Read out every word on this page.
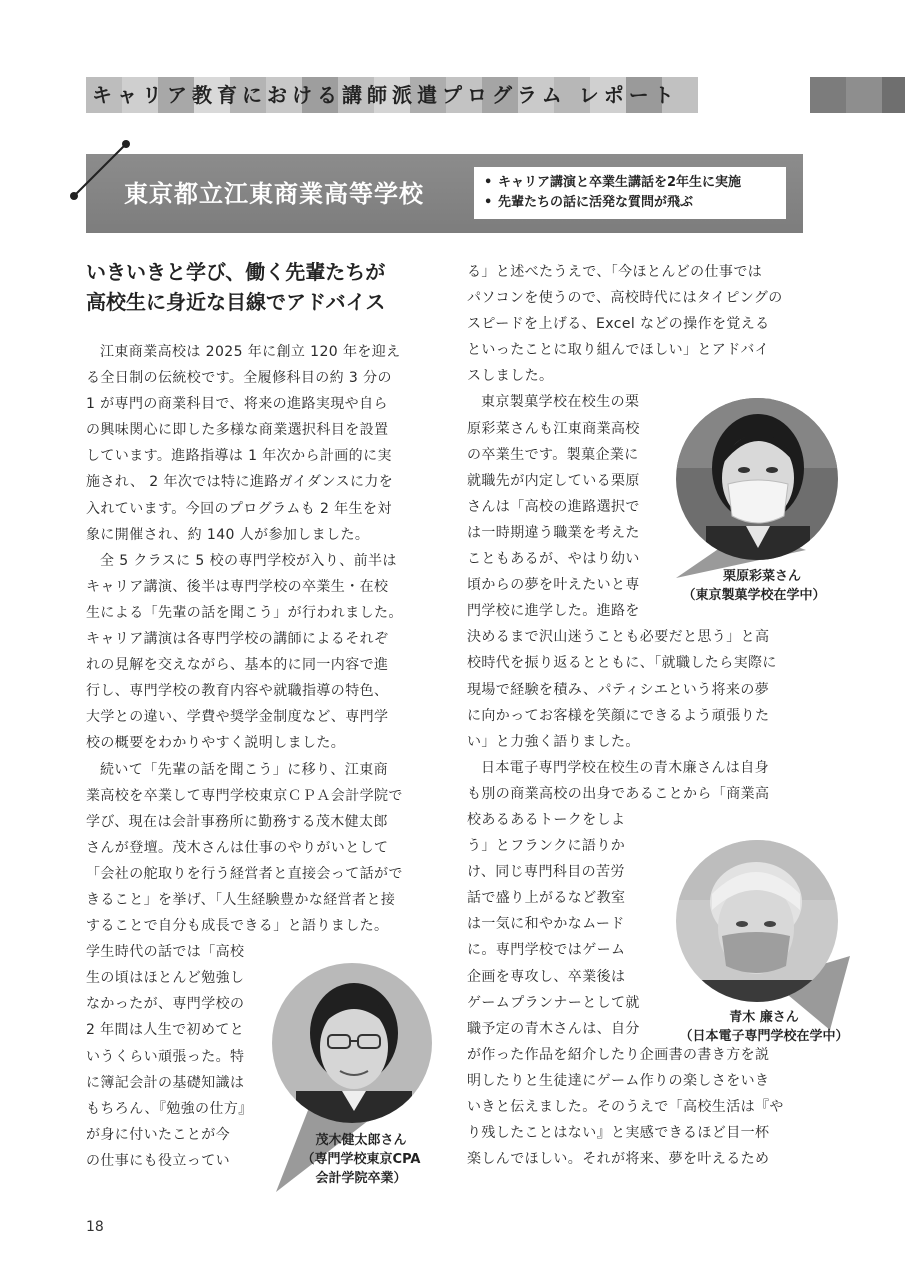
キャリア教育における講師派遣プログラム レポート
東京都立江東商業高等学校	• キャリア講演と卒業生講話を2年生に実施
• 先輩たちの話に活発な質問が飛ぶ
いきいきと学び、働く先輩たちが
高校生に身近な目線でアドバイス
江東商業高校は 2025 年に創立 120 年を迎え
る全日制の伝統校です。全履修科目の約 3 分の
1 が専門の商業科目で、将来の進路実現や自ら
の興味関心に即した多様な商業選択科目を設置
しています。進路指導は 1 年次から計画的に実
施され、 2 年次では特に進路ガイダンスに力を
入れています。今回のプログラムも 2 年生を対
象に開催され、約 140 人が参加しました。
全 5 クラスに 5 校の専門学校が入り、前半は
キャリア講演、後半は専門学校の卒業生・在校
生による「先輩の話を聞こう」が行われました。
キャリア講演は各専門学校の講師によるそれぞ
れの見解を交えながら、基本的に同一内容で進
行し、専門学校の教育内容や就職指導の特色、
大学との違い、学費や奨学金制度など、専門学
校の概要をわかりやすく説明しました。
続いて「先輩の話を聞こう」に移り、江東商
業高校を卒業して専門学校東京ＣＰＡ会計学院で
学び、現在は会計事務所に勤務する茂木健太郎
さんが登壇。茂木さんは仕事のやりがいとして
「会社の舵取りを行う経営者と直接会って話がで
きること」を挙げ、「人生経験豊かな経営者と接
することで自分も成長できる」と語りました。
学生時代の話では「高校
生の頃はほとんど勉強し
なかったが、専門学校の
2 年間は人生で初めてと
いうくらい頑張った。特
に簿記会計の基礎知識は
もちろん、『勉強の仕方』
が身に付いたことが今
の仕事にも役立ってい
る」と述べたうえで、「今ほとんどの仕事では
パソコンを使うので、高校時代にはタイピングの
スピードを上げる、Excel などの操作を覚える
といったことに取り組んでほしい」とアドバイ
スしました。
東京製菓学校在校生の栗
原彩菜さんも江東商業高校
の卒業生です。製菓企業に
就職先が内定している栗原
さんは「高校の進路選択で
は一時期違う職業を考えた
こともあるが、やはり幼い
頃からの夢を叶えたいと専
門学校に進学した。進路を
決めるまで沢山迷うことも必要だと思う」と高
校時代を振り返るとともに、「就職したら実際に
現場で経験を積み、パティシエという将来の夢
に向かってお客様を笑顔にできるよう頑張りた
い」と力強く語りました。
日本電子専門学校在校生の青木廉さんは自身
も別の商業高校の出身であることから「商業高
校あるあるトークをしよ
う」とフランクに語りか
け、同じ専門科目の苦労
話で盛り上がるなど教室
は一気に和やかなムード
に。専門学校ではゲーム
企画を専攻し、卒業後は
ゲームプランナーとして就
職予定の青木さんは、自分
が作った作品を紹介したり企画書の書き方を説
明したりと生徒達にゲーム作りの楽しさをいき
いきと伝えました。そのうえで「高校生活は『や
り残したことはない』と実感できるほど目一杯
楽しんでほしい。それが将来、夢を叶えるため
栗原彩菜さん
（東京製菓学校在学中）
青木 廉さん
（日本電子専門学校在学中）
茂木健太郎さん
（専門学校東京CPA
会計学院卒業）
18
